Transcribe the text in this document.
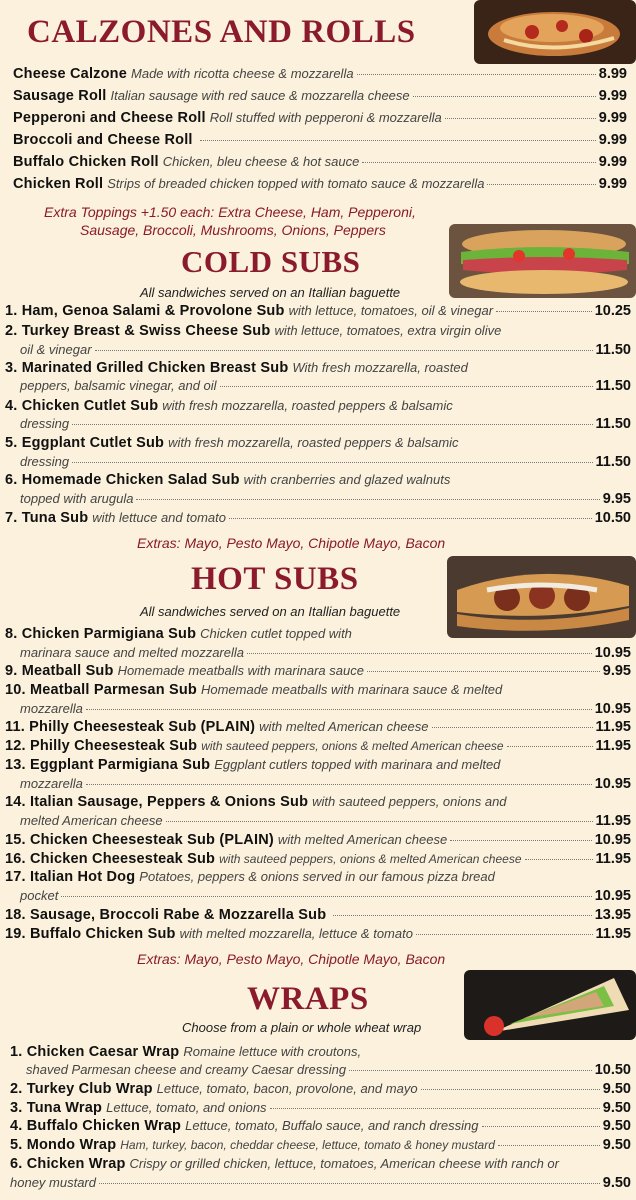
CALZONES AND ROLLS
Cheese Calzone Made with ricotta cheese & mozzarella	8.99
Sausage Roll Italian sausage with red sauce & mozzarella cheese	9.99
Pepperoni and Cheese Roll Roll stuffed with pepperoni & mozzarella	9.99
Broccoli and Cheese Roll	9.99
Buffalo Chicken Roll Chicken, bleu cheese & hot sauce	9.99
Chicken Roll Strips of breaded chicken topped with tomato sauce & mozzarella	9.99
Extra Toppings +1.50 each: Extra Cheese, Ham, Pepperoni,
Sausage, Broccoli, Mushrooms, Onions, Peppers
COLD SUBS
All sandwiches served on an Itallian baguette
1. Ham, Genoa Salami & Provolone Sub with lettuce, tomatoes, oil & vinegar	10.25
2. Turkey Breast & Swiss Cheese Sub with lettuce, tomatoes, extra virgin olive
oil & vinegar	11.50
3. Marinated Grilled Chicken Breast Sub With fresh mozzarella, roasted
peppers, balsamic vinegar, and oil	11.50
4. Chicken Cutlet Sub with fresh mozzarella, roasted peppers & balsamic
dressing	11.50
5. Eggplant Cutlet Sub with fresh mozzarella, roasted peppers & balsamic
dressing	11.50
6. Homemade Chicken Salad Sub with cranberries and glazed walnuts
topped with arugula	9.95
7. Tuna Sub with lettuce and tomato	10.50
Extras: Mayo, Pesto Mayo, Chipotle Mayo, Bacon
HOT SUBS
All sandwiches served on an Itallian baguette
8. Chicken Parmigiana Sub Chicken cutlet topped with
marinara sauce and melted mozzarella	10.95
9. Meatball Sub Homemade meatballs with marinara sauce	9.95
10. Meatball Parmesan Sub Homemade meatballs with marinara sauce & melted
mozzarella	10.95
11. Philly Cheesesteak Sub (PLAIN) with melted American cheese	11.95
12. Philly Cheesesteak Sub with sauteed peppers, onions & melted American cheese	11.95
13. Eggplant Parmigiana Sub Eggplant cutlers topped with marinara and melted
mozzarella	10.95
14. Italian Sausage, Peppers & Onions Sub with sauteed peppers, onions and
melted American cheese	11.95
15. Chicken Cheesesteak Sub (PLAIN) with melted American cheese	10.95
16. Chicken Cheesesteak Sub with sauteed peppers, onions & melted American cheese	11.95
17. Italian Hot Dog Potatoes, peppers & onions served in our famous pizza bread
pocket	10.95
18. Sausage, Broccoli Rabe & Mozzarella Sub	13.95
19. Buffalo Chicken Sub with melted mozzarella, lettuce & tomato	11.95
Extras: Mayo, Pesto Mayo, Chipotle Mayo, Bacon
WRAPS
Choose from a plain or whole wheat wrap
1. Chicken Caesar Wrap Romaine lettuce with croutons,
shaved Parmesan cheese and creamy Caesar dressing	10.50
2. Turkey Club Wrap Lettuce, tomato, bacon, provolone, and mayo	9.50
3. Tuna Wrap Lettuce, tomato, and onions	9.50
4. Buffalo Chicken Wrap Lettuce, tomato, Buffalo sauce, and ranch dressing	9.50
5. Mondo Wrap Ham, turkey, bacon, cheddar cheese, lettuce, tomato & honey mustard	9.50
6. Chicken Wrap Crispy or grilled chicken, lettuce, tomatoes, American cheese with ranch or
honey mustard	9.50
